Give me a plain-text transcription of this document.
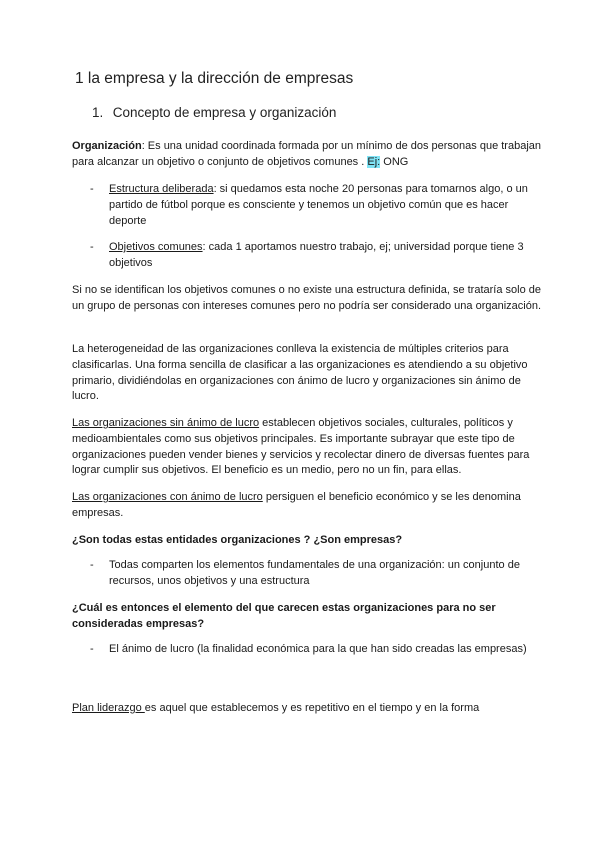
1 la empresa y la dirección de empresas
1. Concepto de empresa y organización
Organización: Es una unidad coordinada formada por un mínimo de dos personas que trabajan para alcanzar un objetivo o conjunto de objetivos comunes . Ej: ONG
- Estructura deliberada: si quedamos esta noche 20 personas para tomarnos algo, o un partido de fútbol porque es consciente y tenemos un objetivo común que es hacer deporte
- Objetivos comunes: cada 1 aportamos nuestro trabajo, ej; universidad porque tiene 3 objetivos
Si no se identifican los objetivos comunes o no existe una estructura definida, se trataría solo de un grupo de personas con intereses comunes pero no podría ser considerado una organización.
La heterogeneidad de las organizaciones conlleva la existencia de múltiples criterios para clasificarlas. Una forma sencilla de clasificar a las organizaciones es atendiendo a su objetivo primario, dividiéndolas en organizaciones con ánimo de lucro y organizaciones sin ánimo de lucro.
Las organizaciones sin ánimo de lucro establecen objetivos sociales, culturales, políticos y medioambientales como sus objetivos principales. Es importante subrayar que este tipo de organizaciones pueden vender bienes y servicios y recolectar dinero de diversas fuentes para lograr cumplir sus objetivos. El beneficio es un medio, pero no un fin, para ellas.
Las organizaciones con ánimo de lucro persiguen el beneficio económico y se les denomina empresas.
¿Son todas estas entidades organizaciones ? ¿Son empresas?
- Todas comparten los elementos fundamentales de una organización: un conjunto de recursos, unos objetivos y una estructura
¿Cuál es entonces el elemento del que carecen estas organizaciones para no ser consideradas empresas?
- El ánimo de lucro (la finalidad económica para la que han sido creadas las empresas)
Plan liderazgo es aquel que establecemos y es repetitivo en el tiempo y en la forma
